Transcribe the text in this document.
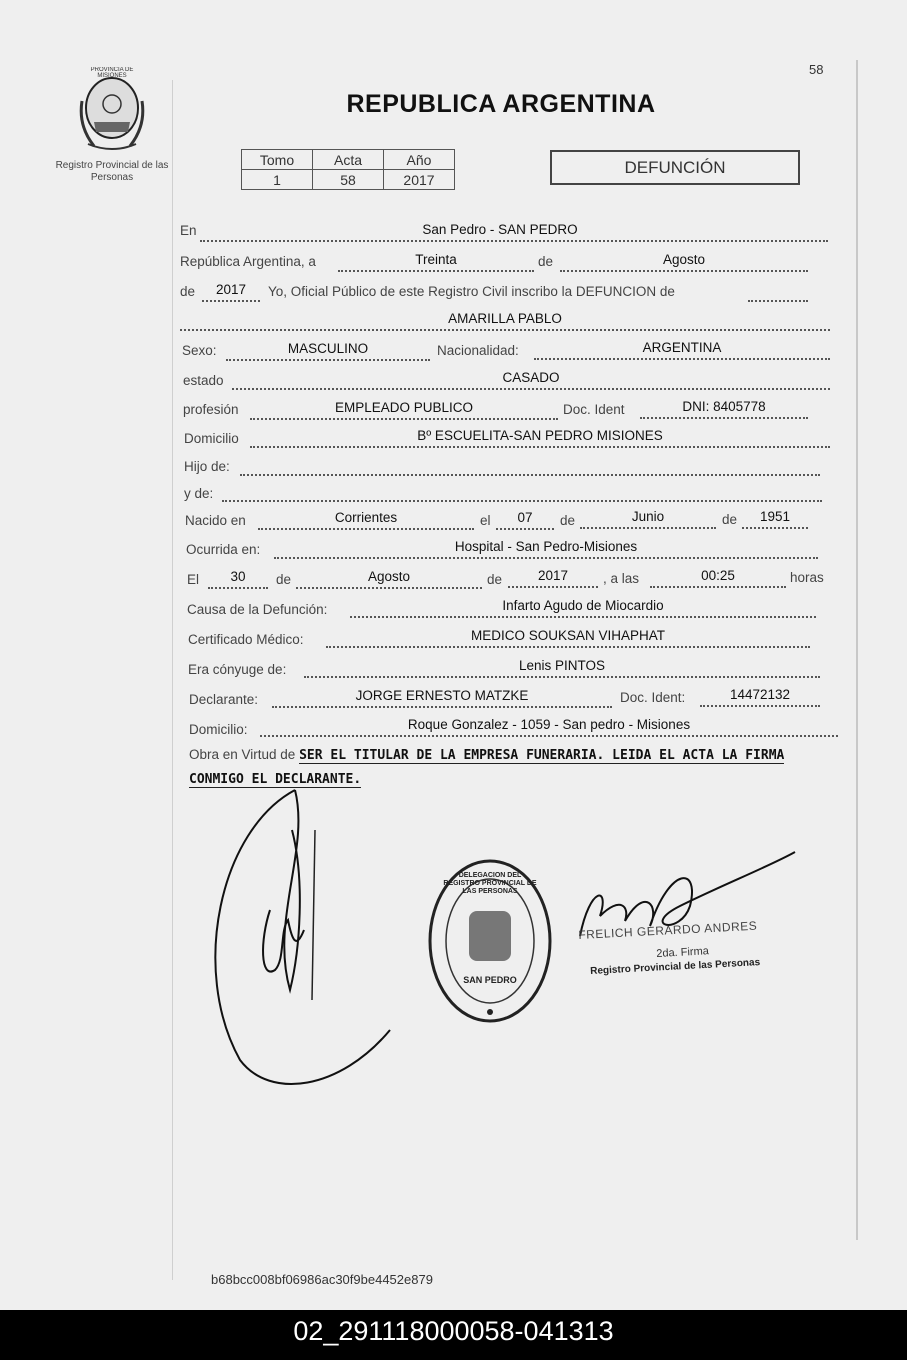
PROVINCIA DE MISIONES
Registro Provincial de las Personas
58
REPUBLICA ARGENTINA
Tomo	Acta	Año
1	58	2017
DEFUNCIÓN
En	San Pedro - SAN PEDRO
República Argentina, a	Treinta	de	Agosto
de	2017	Yo, Oficial Público de este Registro Civil inscribo la DEFUNCION de
AMARILLA PABLO
Sexo:	MASCULINO	Nacionalidad:	ARGENTINA
estado	CASADO
profesión	EMPLEADO PUBLICO	Doc. Ident	DNI: 8405778
Domicilio	Bº ESCUELITA-SAN PEDRO MISIONES
Hijo de:
y de:
Nacido en	Corrientes	el	07	de	Junio	de	1951
Ocurrida en:	Hospital - San Pedro-Misiones
El	30	de	Agosto	de	2017	, a las	00:25	horas
Causa de la Defunción:	Infarto Agudo de Miocardio
Certificado Médico:	MEDICO SOUKSAN VIHAPHAT
Era cónyuge de:	Lenis PINTOS
Declarante:	JORGE ERNESTO MATZKE	Doc. Ident:	14472132
Domicilio:	Roque Gonzalez - 1059 - San pedro - Misiones
Obra en Virtud de SER EL TITULAR DE LA EMPRESA FUNERARIA. LEIDA EL ACTA LA FIRMA CONMIGO EL DECLARANTE.
DELEGACION DEL REGISTRO PROVINCIAL DE LAS PERSONAS
SAN PEDRO
FRELICH GERARDO ANDRES
2da. Firma
Registro Provincial de las Personas
b68bcc008bf06986ac30f9be4452e879
02_291118000058-041313
